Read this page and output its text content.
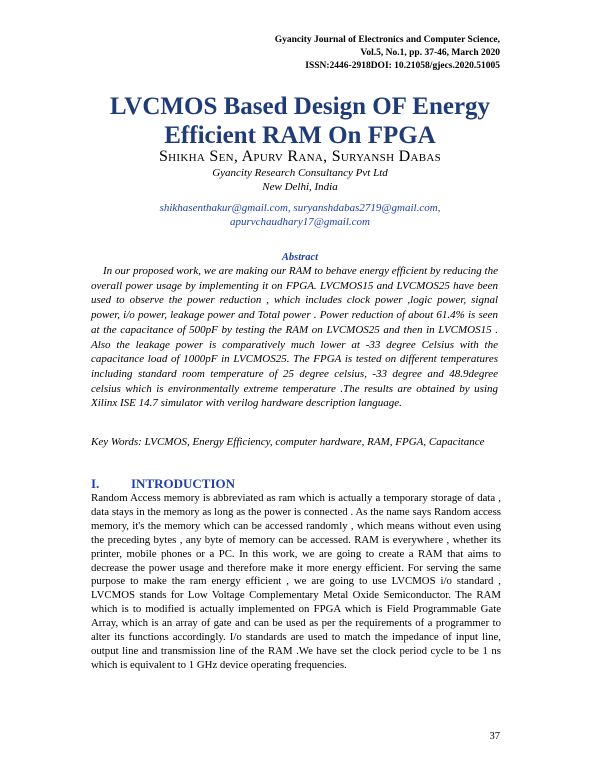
Gyancity Journal of Electronics and Computer Science,
Vol.5, No.1, pp. 37-46, March 2020
ISSN:2446-2918DOI: 10.21058/gjecs.2020.51005
LVCMOS Based Design OF Energy
Efficient RAM On FPGA
Shikha Sen, Apurv Rana, Suryansh Dabas
Gyancity Research Consultancy Pvt Ltd
New Delhi, India
shikhasenthakur@gmail.com, suryanshdabas2719@gmail.com,
apurvchaudhary17@gmail.com
Abstract

In our proposed work, we are making our RAM to behave energy efficient by reducing the overall power usage by implementing it on FPGA. LVCMOS15 and LVCMOS25 have been used to observe the power reduction , which includes clock power ,logic power, signal power, i/o power, leakage power and Total power . Power reduction of about 61.4% is seen at the capacitance of 500pF by testing the RAM on LVCMOS25 and then in LVCMOS15 . Also the leakage power is comparatively much lower at -33 degree Celsius with the capacitance load of 1000pF in LVCMOS25. The FPGA is tested on different temperatures including standard room temperature of 25 degree celsius, -33 degree and 48.9degree celsius which is environmentally extreme temperature .The results are obtained by using Xilinx ISE 14.7 simulator with verilog hardware description language.

Key Words: LVCMOS, Energy Efficiency, computer hardware, RAM, FPGA, Capacitance
I. INTRODUCTION

Random Access memory is abbreviated as ram which is actually a temporary storage of data , data stays in the memory as long as the power is connected . As the name says Random access memory, it's the memory which can be accessed randomly , which means without even using the preceding bytes , any byte of memory can be accessed. RAM is everywhere , whether its printer, mobile phones or a PC. In this work, we are going to create a RAM that aims to decrease the power usage and therefore make it more energy efficient. For serving the same purpose to make the ram energy efficient , we are going to use LVCMOS i/o standard , LVCMOS stands for Low Voltage Complementary Metal Oxide Semiconductor. The RAM which is to modified is actually implemented on FPGA which is Field Programmable Gate Array, which is an array of gate and can be used as per the requirements of a programmer to alter its functions accordingly. I/o standards are used to match the impedance of input line, output line and transmission line of the RAM .We have set the clock period cycle to be 1 ns which is equivalent to 1 GHz device operating frequencies.

37
